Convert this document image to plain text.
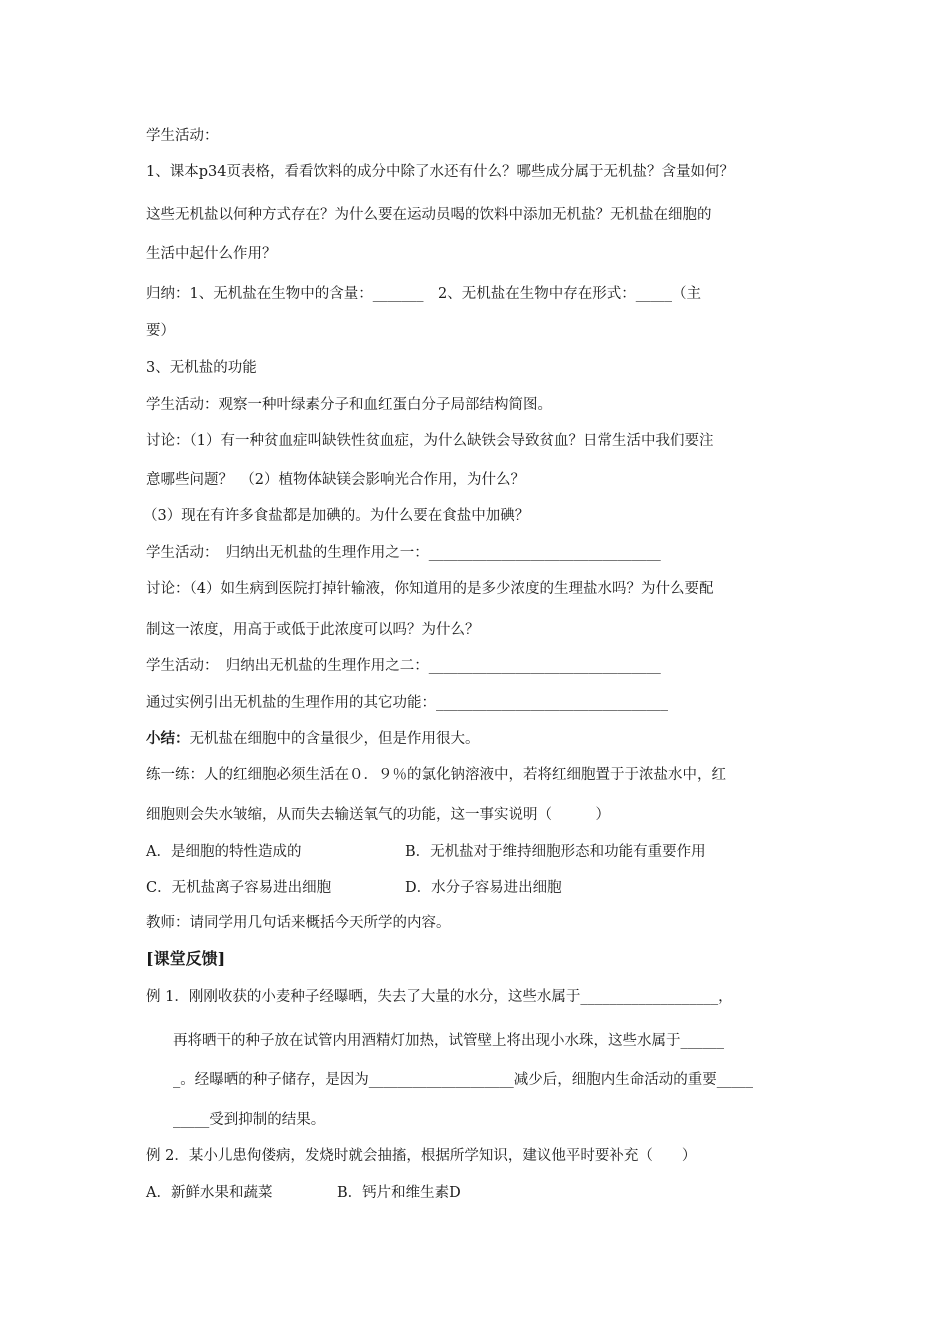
学生活动：
1、课本p34页表格，看看饮料的成分中除了水还有什么？哪些成分属于无机盐？含量如何？
这些无机盐以何种方式存在？为什么要在运动员喝的饮料中添加无机盐？无机盐在细胞的
生活中起什么作用？
归纳：1、无机盐在生物中的含量：_______　2、无机盐在生物中存在形式：_____（主
要）
3、无机盐的功能
学生活动：观察一种叶绿素分子和血红蛋白分子局部结构简图。
讨论：（1）有一种贫血症叫缺铁性贫血症，为什么缺铁会导致贫血？日常生活中我们要注
意哪些问题？　（2）植物体缺镁会影响光合作用，为什么？
（3）现在有许多食盐都是加碘的。为什么要在食盐中加碘？
学生活动：　归纳出无机盐的生理作用之一：________________________________
讨论：（4）如生病到医院打掉针输液，你知道用的是多少浓度的生理盐水吗？为什么要配
制这一浓度，用高于或低于此浓度可以吗？为什么？
学生活动：　归纳出无机盐的生理作用之二：________________________________
通过实例引出无机盐的生理作用的其它功能：________________________________
小结：无机盐在细胞中的含量很少，但是作用很大。
练一练：人的红细胞必须生活在０．９％的氯化钠溶液中，若将红细胞置于于浓盐水中，红
细胞则会失水皱缩，从而失去输送氧气的功能，这一事实说明（　　　）
A．是细胞的特性造成的	B．无机盐对于维持细胞形态和功能有重要作用
C．无机盐离子容易进出细胞	D．水分子容易进出细胞
教师：请同学用几句话来概括今天所学的内容。
[课堂反馈]
例 1．刚刚收获的小麦种子经曝晒，失去了大量的水分，这些水属于___________________，
再将晒干的种子放在试管内用酒精灯加热，试管壁上将出现小水珠，这些水属于______
_。经曝晒的种子储存，是因为____________________减少后，细胞内生命活动的重要_____
_____受到抑制的结果。
例 2．某小儿患佝偻病，发烧时就会抽搐，根据所学知识，建议他平时要补充（　　）
A．新鲜水果和蔬菜	B．钙片和维生素D
